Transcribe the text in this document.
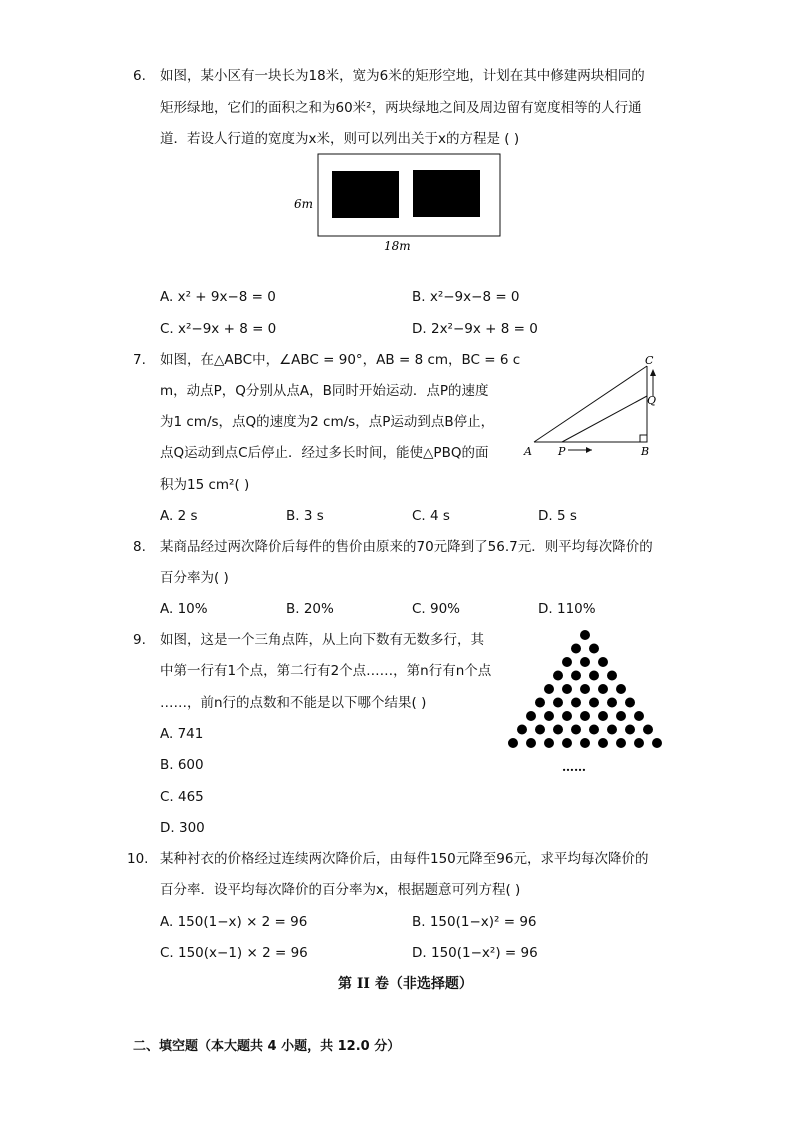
6. 如图，某小区有一块长为18米，宽为6米的矩形空地，计划在其中修建两块相同的
矩形绿地，它们的面积之和为60米²，两块绿地之间及周边留有宽度相等的人行通
道．若设人行道的宽度为x米，则可以列出关于x的方程是 ( )
6m
18m
A. x² + 9x−8 = 0	B. x²−9x−8 = 0
C. x²−9x + 8 = 0	D. 2x²−9x + 8 = 0
7. 如图，在△ABC中，∠ABC = 90°，AB = 8 cm，BC = 6 c
m，动点P，Q分别从点A，B同时开始运动．点P的速度
为1 cm/s，点Q的速度为2 cm/s，点P运动到点B停止，
点Q运动到点C后停止．经过多长时间，能使△PBQ的面
积为15 cm²( )
A P	B
C
Q
A. 2 s	B. 3 s	C. 4 s	D. 5 s
8. 某商品经过两次降价后每件的售价由原来的70元降到了56.7元．则平均每次降价的
百分率为( )
A. 10%	B. 20%	C. 90%	D. 110%
9. 如图，这是一个三角点阵，从上向下数有无数多行，其
中第一行有1个点，第二行有2个点……，第n行有n个点
……，前n行的点数和不能是以下哪个结果( )
……
A. 741
B. 600
C. 465
D. 300
10. 某种衬衣的价格经过连续两次降价后，由每件150元降至96元，求平均每次降价的
百分率．设平均每次降价的百分率为x，根据题意可列方程( )
A. 150(1−x) × 2 = 96	B. 150(1−x)² = 96
C. 150(x−1) × 2 = 96	D. 150(1−x²) = 96
第 II 卷（非选择题）
二、填空题（本大题共 4 小题，共 12.0 分）
